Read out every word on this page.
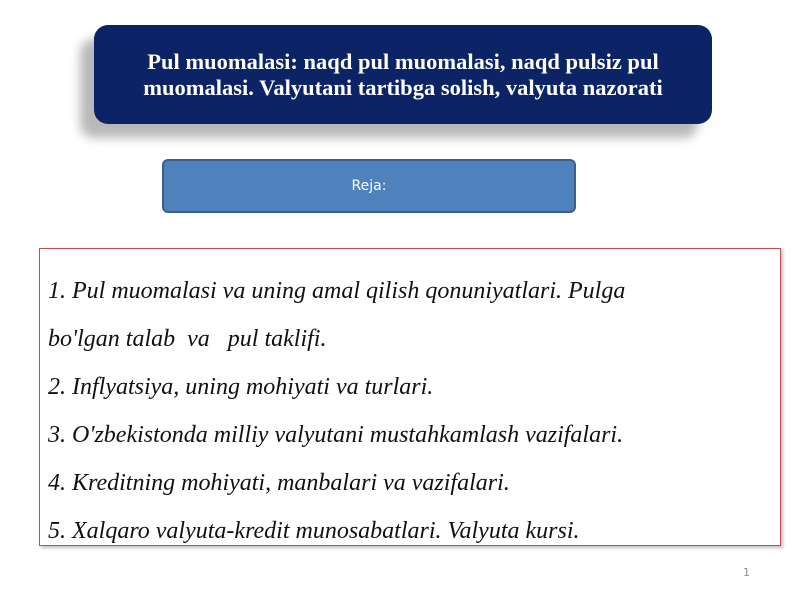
Pul muomalasi: naqd pul muomalasi, naqd pulsiz pul muomalasi. Valyutani tartibga solish, valyuta nazorati
Reja:
1. Pul muomalasi va uning amal qilish qonuniyatlari. Pulga bo'lgan talab  va   pul taklifi.
2. Inflyatsiya, uning mohiyati va turlari.
3. O'zbekistonda milliy valyutani mustahkamlash vazifalari.
4. Kreditning mohiyati, manbalari va vazifalari.
5. Xalqaro valyuta-kredit munosabatlari. Valyuta kursi.
1
